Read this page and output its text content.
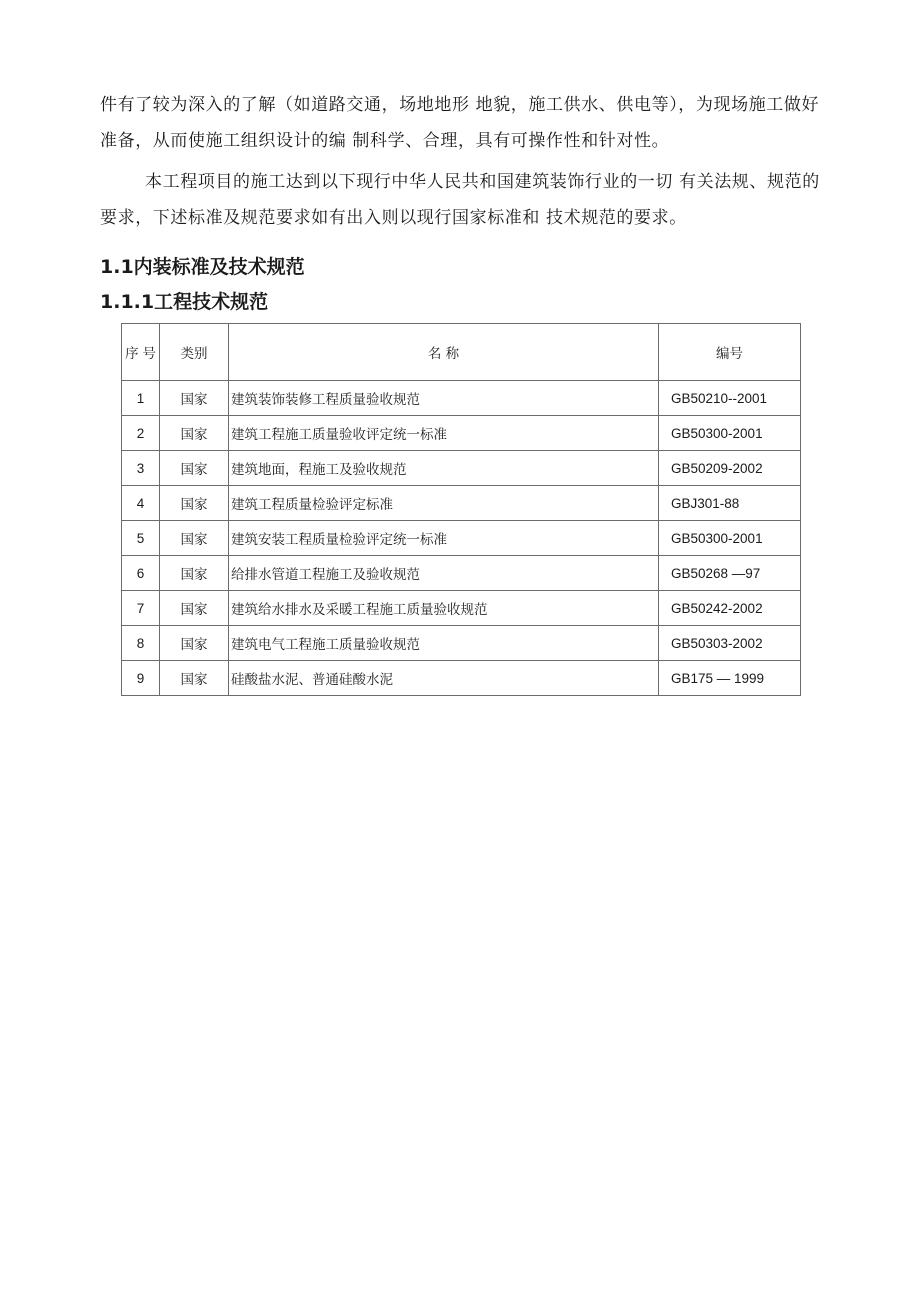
件有了较为深入的了解（如道路交通，场地地形 地貌，施工供水、供电等），为现场施工做好准备，从而使施工组织设计的编 制科学、合理，具有可操作性和针对性。

本工程项目的施工达到以下现行中华人民共和国建筑装饰行业的一切 有关法规、规范的要求，下述标准及规范要求如有出入则以现行国家标准和 技术规范的要求。

1.1内装标准及技术规范
1.1.1工程技术规范
序 号	类别	名 称	编号
1	国家	建筑装饰装修工程质量验收规范	GB50210--2001
2	国家	建筑工程施工质量验收评定统一标准	GB50300-2001
3	国家	建筑地面，程施工及验收规范	GB50209-2002
4	国家	建筑工程质量检验评定标准	GBJ301-88
5	国家	建筑安装工程质量检验评定统一标准	GB50300-2001
6	国家	给排水管道工程施工及验收规范	GB50268 —97
7	国家	建筑给水排水及采暖工程施工质量验收规范	GB50242-2002
8	国家	建筑电气工程施工质量验收规范	GB50303-2002
9	国家	硅酸盐水泥、普通硅酸水泥	GB175 — 1999
